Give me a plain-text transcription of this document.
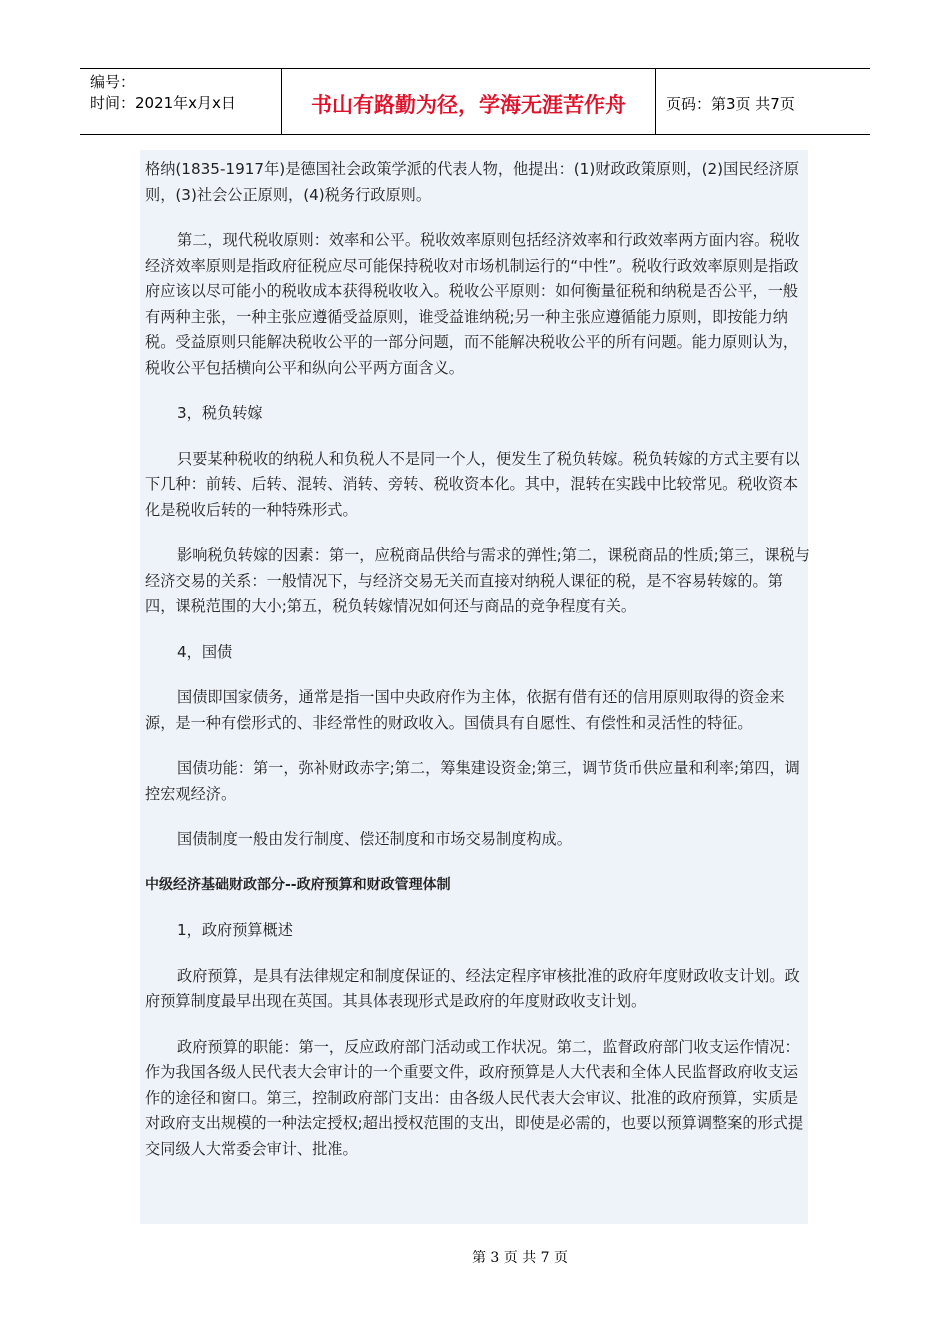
编号：
时间：2021年x月x日	书山有路勤为径，学海无涯苦作舟	页码：第3页 共7页

格纳(1835-1917年)是德国社会政策学派的代表人物，他提出：(1)财政政策原则，(2)国民经济原则，(3)社会公正原则，(4)税务行政原则。

第二，现代税收原则：效率和公平。税收效率原则包括经济效率和行政效率两方面内容。税收经济效率原则是指政府征税应尽可能保持税收对市场机制运行的“中性”。税收行政效率原则是指政府应该以尽可能小的税收成本获得税收收入。税收公平原则：如何衡量征税和纳税是否公平，一般有两种主张，一种主张应遵循受益原则，谁受益谁纳税;另一种主张应遵循能力原则，即按能力纳税。受益原则只能解决税收公平的一部分问题，而不能解决税收公平的所有问题。能力原则认为，税收公平包括横向公平和纵向公平两方面含义。

3，税负转嫁

只要某种税收的纳税人和负税人不是同一个人，便发生了税负转嫁。税负转嫁的方式主要有以下几种：前转、后转、混转、消转、旁转、税收资本化。其中，混转在实践中比较常见。税收资本化是税收后转的一种特殊形式。

影响税负转嫁的因素：第一，应税商品供给与需求的弹性;第二，课税商品的性质;第三，课税与经济交易的关系：一般情况下，与经济交易无关而直接对纳税人课征的税，是不容易转嫁的。第四，课税范围的大小;第五，税负转嫁情况如何还与商品的竞争程度有关。

4，国债

国债即国家债务，通常是指一国中央政府作为主体，依据有借有还的信用原则取得的资金来源，是一种有偿形式的、非经常性的财政收入。国债具有自愿性、有偿性和灵活性的特征。

国债功能：第一，弥补财政赤字;第二，筹集建设资金;第三，调节货币供应量和利率;第四，调控宏观经济。

国债制度一般由发行制度、偿还制度和市场交易制度构成。

中级经济基础财政部分--政府预算和财政管理体制

1，政府预算概述

政府预算，是具有法律规定和制度保证的、经法定程序审核批准的政府年度财政收支计划。政府预算制度最早出现在英国。其具体表现形式是政府的年度财政收支计划。

政府预算的职能：第一，反应政府部门活动或工作状况。第二，监督政府部门收支运作情况：作为我国各级人民代表大会审计的一个重要文件，政府预算是人大代表和全体人民监督政府收支运作的途径和窗口。第三，控制政府部门支出：由各级人民代表大会审议、批准的政府预算，实质是对政府支出规模的一种法定授权;超出授权范围的支出，即使是必需的，也要以预算调整案的形式提交同级人大常委会审计、批准。

第 3 页 共 7 页
